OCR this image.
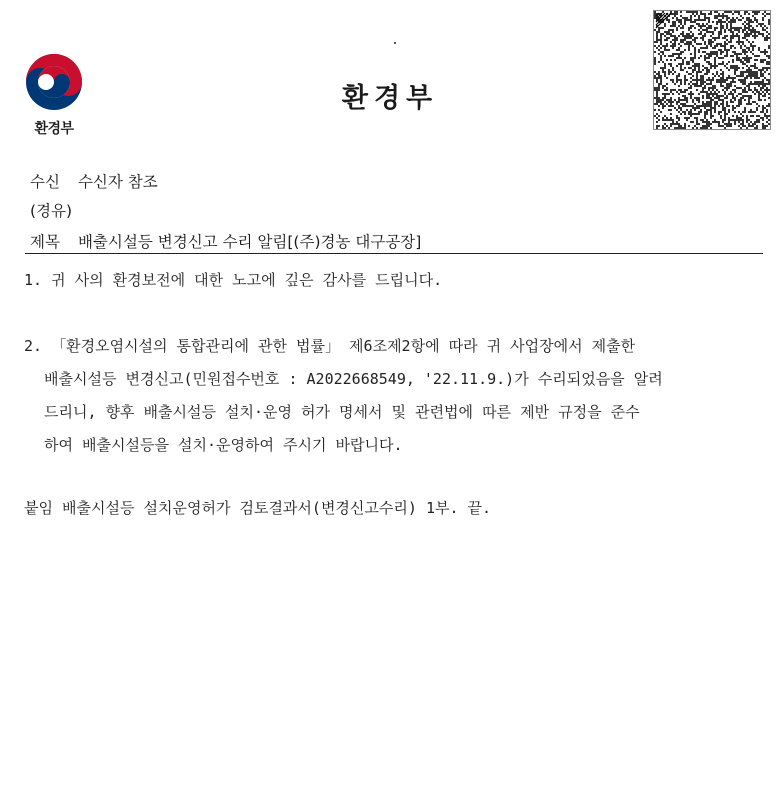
환경부
환경부
수신 수신자 참조
(경유)
제목 배출시설등 변경신고 수리 알림[(주)경농 대구공장]
1. 귀 사의 환경보전에 대한 노고에 깊은 감사를 드립니다.
2. 「환경오염시설의 통합관리에 관한 법률」 제6조제2항에 따라 귀 사업장에서 제출한
배출시설등 변경신고(민원접수번호 : A2022668549, '22.11.9.)가 수리되었음을 알려
드리니, 향후 배출시설등 설치·운영 허가 명세서 및 관련법에 따른 제반 규정을 준수
하여 배출시설등을 설치·운영하여 주시기 바랍니다.
붙임 배출시설등 설치운영허가 검토결과서(변경신고수리) 1부. 끝.
